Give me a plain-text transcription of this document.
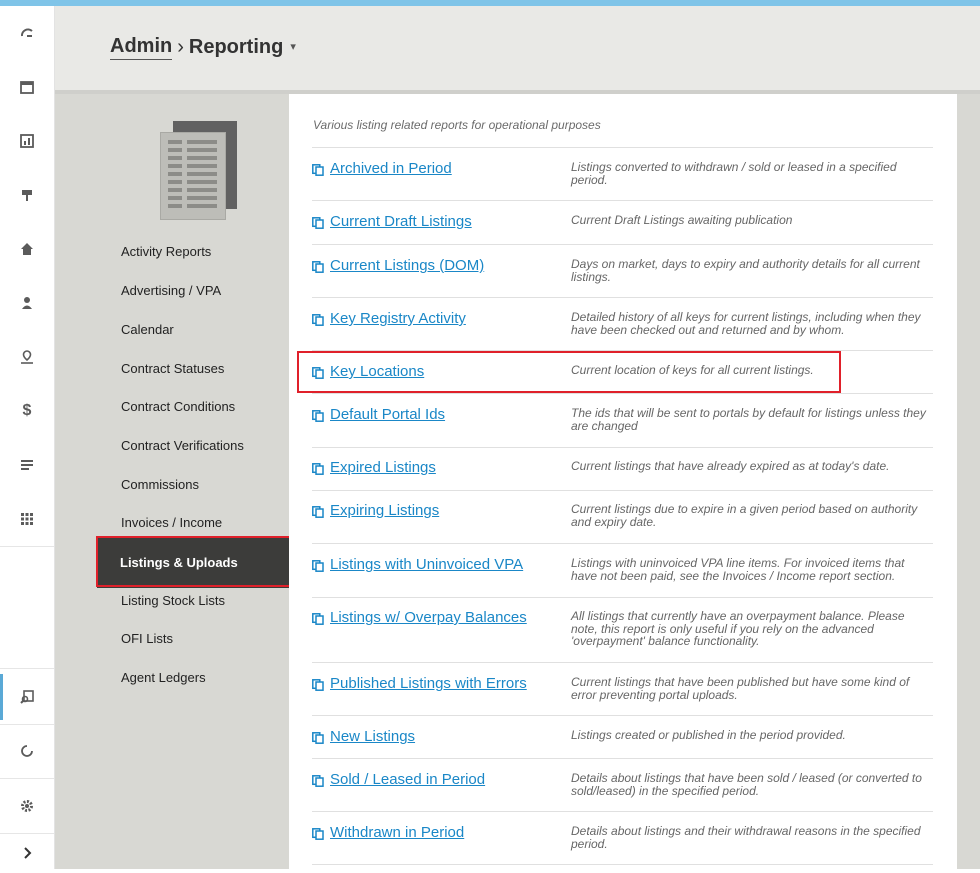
$
Admin › Reporting ▾
Activity Reports
Advertising / VPA
Calendar
Contract Statuses
Contract Conditions
Contract Verifications
Commissions
Invoices / Income
Listings & Uploads
Listing Stock Lists
OFI Lists
Agent Ledgers
Various listing related reports for operational purposes
Archived in Period	Listings converted to withdrawn / sold or leased in a specified period.
Current Draft Listings	Current Draft Listings awaiting publication
Current Listings (DOM)	Days on market, days to expiry and authority details for all current listings.
Key Registry Activity	Detailed history of all keys for current listings, including when they have been checked out and returned and by whom.
Key Locations	Current location of keys for all current listings.
Default Portal Ids	The ids that will be sent to portals by default for listings unless they are changed
Expired Listings	Current listings that have already expired as at today's date.
Expiring Listings	Current listings due to expire in a given period based on authority and expiry date.
Listings with Uninvoiced VPA	Listings with uninvoiced VPA line items. For invoiced items that have not been paid, see the Invoices / Income report section.
Listings w/ Overpay Balances	All listings that currently have an overpayment balance. Please note, this report is only useful if you rely on the advanced 'overpayment' balance functionality.
Published Listings with Errors	Current listings that have been published but have some kind of error preventing portal uploads.
New Listings	Listings created or published in the period provided.
Sold / Leased in Period	Details about listings that have been sold / leased (or converted to sold/leased) in the specified period.
Withdrawn in Period	Details about listings and their withdrawal reasons in the specified period.
